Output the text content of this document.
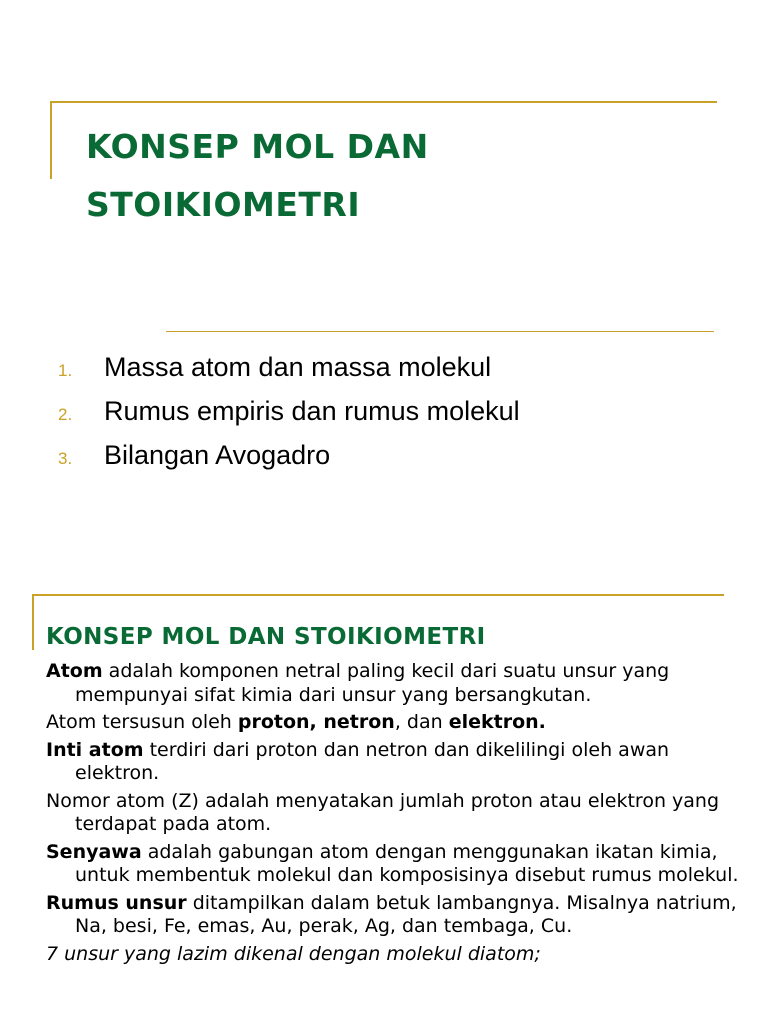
KONSEP MOL DAN
STOIKIOMETRI
1.	Massa atom dan massa molekul
2.	Rumus empiris dan rumus molekul
3.	Bilangan Avogadro
KONSEP MOL DAN STOIKIOMETRI
Atom adalah komponen netral paling kecil dari suatu unsur yang mempunyai sifat kimia dari unsur yang bersangkutan.
Atom tersusun oleh proton, netron, dan elektron.
Inti atom terdiri dari proton dan netron dan dikelilingi oleh awan elektron.
Nomor atom (Z) adalah menyatakan jumlah proton atau elektron yang terdapat pada atom.
Senyawa adalah gabungan atom dengan menggunakan ikatan kimia, untuk membentuk molekul dan komposisinya disebut rumus molekul.
Rumus unsur ditampilkan dalam betuk lambangnya. Misalnya natrium, Na, besi, Fe, emas, Au, perak, Ag, dan tembaga, Cu.
7 unsur yang lazim dikenal dengan molekul diatom;
